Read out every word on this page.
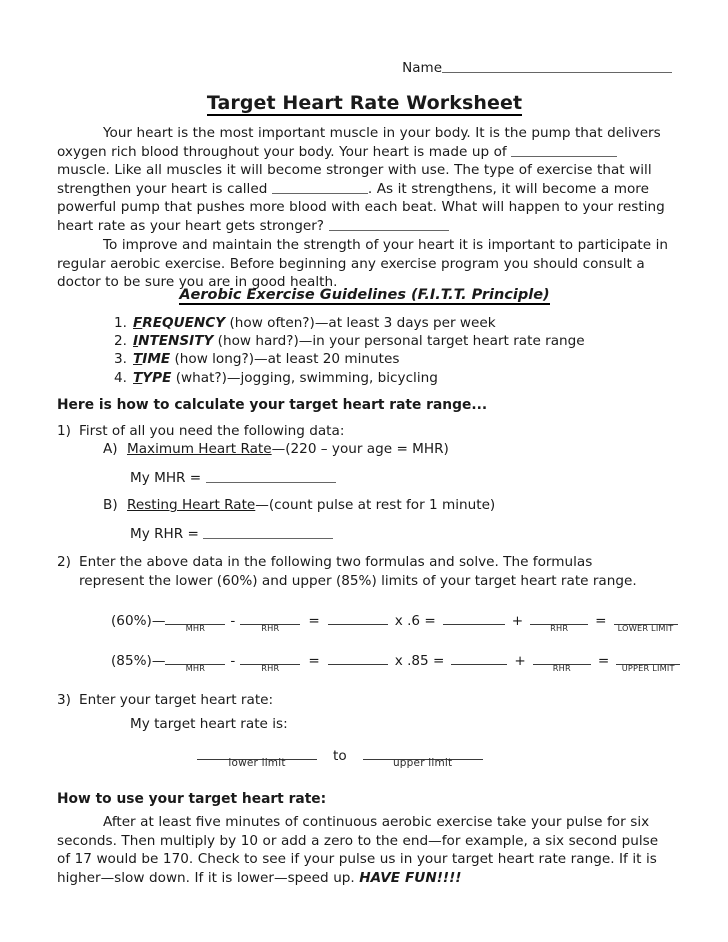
Name
Target Heart Rate Worksheet
Your heart is the most important muscle in your body. It is the pump that delivers oxygen rich blood throughout your body. Your heart is made up of  muscle. Like all muscles it will become stronger with use. The type of exercise that will strengthen your heart is called	. As it strengthens, it will become a more powerful pump that pushes more blood with each beat. What will happen to your resting heart rate as your heart gets stronger?
To improve and maintain the strength of your heart it is important to participate in regular aerobic exercise. Before beginning any exercise program you should consult a doctor to be sure you are in good health.
Aerobic Exercise Guidelines (F.I.T.T. Principle)
1. FREQUENCY (how often?)—at least 3 days per week
2. INTENSITY (how hard?)—in your personal target heart rate range
3. TIME (how long?)—at least 20 minutes
4. TYPE (what?)—jogging, swimming, bicycling
Here is how to calculate your target heart rate range...
1) First of all you need the following data:
A) Maximum Heart Rate—(220 – your age = MHR)
My MHR =
B) Resting Heart Rate—(count pulse at rest for 1 minute)
My RHR =
2) Enter the above data in the following two formulas and solve. The formulas represent the lower (60%) and upper (85%) limits of your target heart rate range.
(60%)—	MHR	-	RHR	=	x .6 =	+	RHR	=	LOWER LIMIT
(85%)—	MHR	-	RHR	=	x .85 =	+	RHR	=	UPPER LIMIT
3) Enter your target heart rate:
My target heart rate is:
lower limit	to	upper limit
How to use your target heart rate:
After at least five minutes of continuous aerobic exercise take your pulse for six seconds. Then multiply by 10 or add a zero to the end—for example, a six second pulse of 17 would be 170. Check to see if your pulse us in your target heart rate range. If it is higher—slow down. If it is lower—speed up. HAVE FUN!!!!
